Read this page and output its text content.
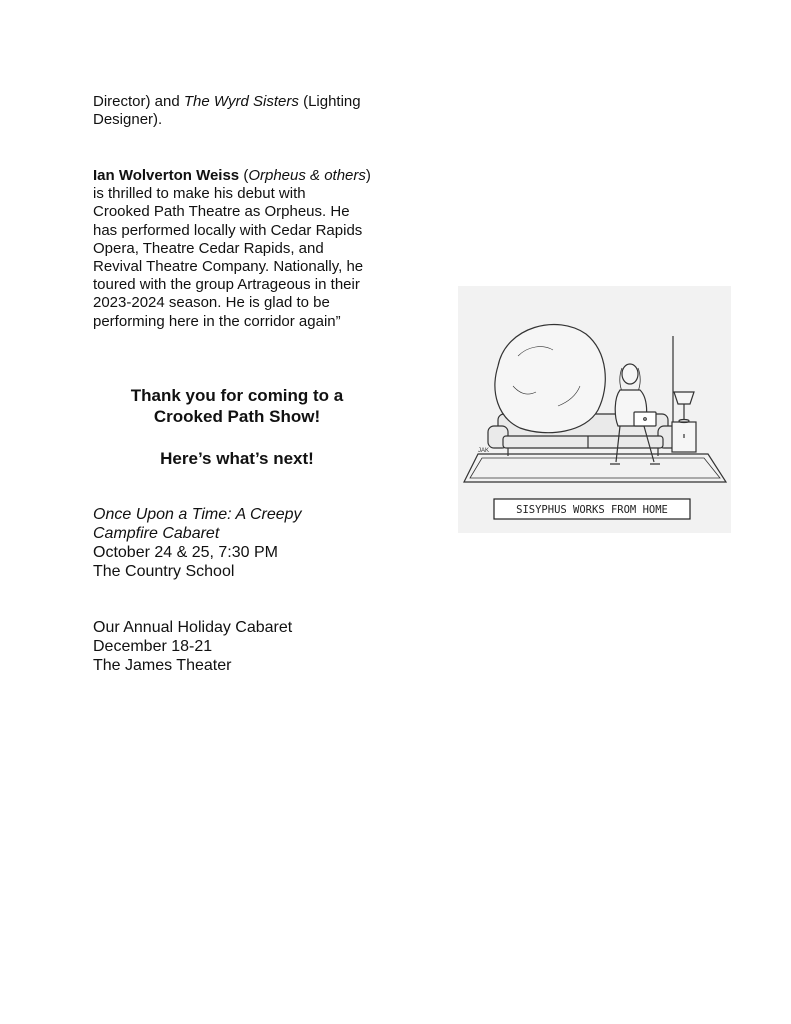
Director) and The Wyrd Sisters (Lighting
Designer).
Ian Wolverton Weiss (Orpheus & others)
is thrilled to make his debut with
Crooked Path Theatre as Orpheus. He
has performed locally with Cedar Rapids
Opera, Theatre Cedar Rapids, and
Revival Theatre Company. Nationally, he
toured with the group Artrageous in their
2023-2024 season. He is glad to be
performing here in the corridor again”
Thank you for coming to a
Crooked Path Show!
Here’s what’s next!
Once Upon a Time: A Creepy
Campfire Cabaret
October 24 & 25, 7:30 PM
The Country School
Our Annual Holiday Cabaret
December 18-21
The James Theater
JAK
SISYPHUS WORKS FROM HOME
